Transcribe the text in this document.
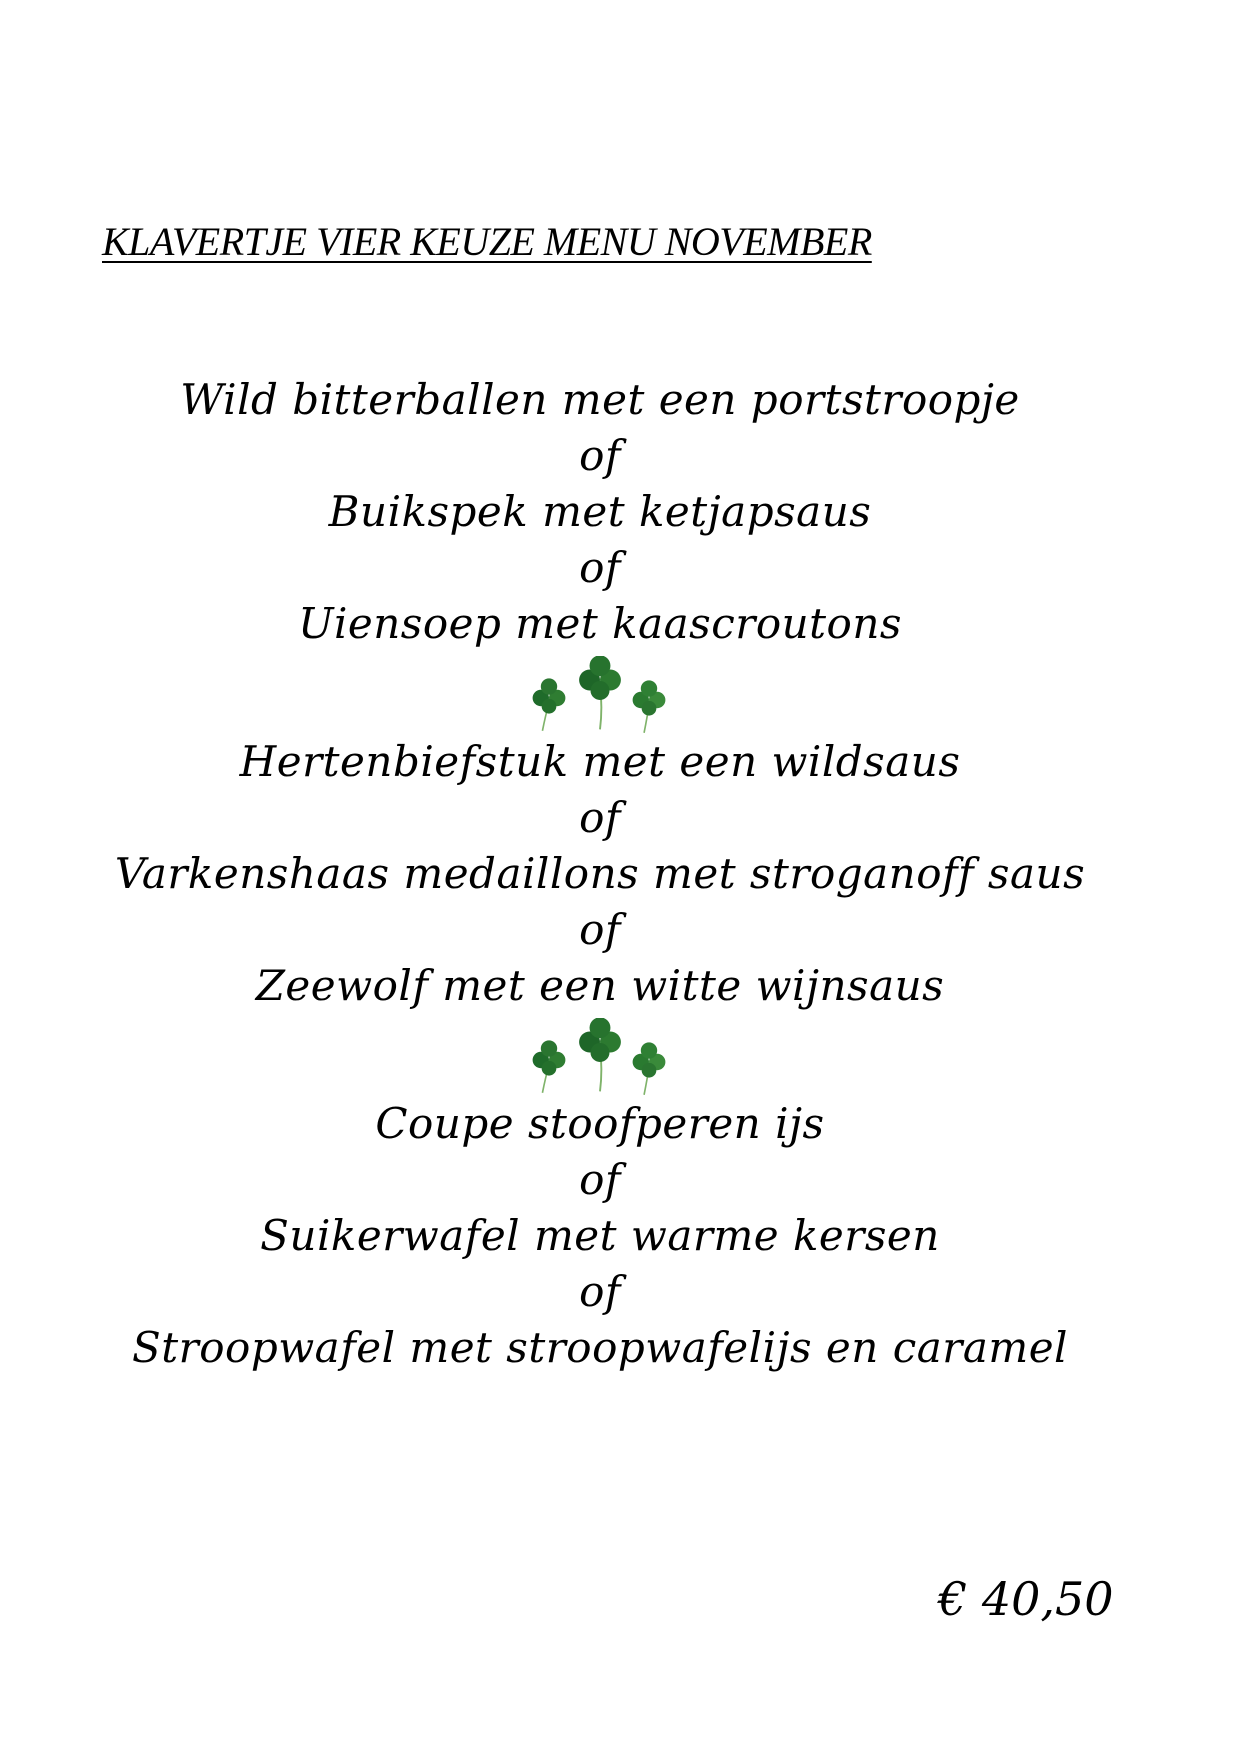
KLAVERTJE VIER KEUZE MENU NOVEMBER
Wild bitterballen met een portstroopje
of
Buikspek met ketjapsaus
of
Uiensoep met kaascroutons
Hertenbiefstuk met een wildsaus
of
Varkenshaas medaillons met stroganoff saus
of
Zeewolf met een witte wijnsaus
Coupe stoofperen ijs
of
Suikerwafel met warme kersen
of
Stroopwafel met stroopwafelijs en caramel
€ 40,50
